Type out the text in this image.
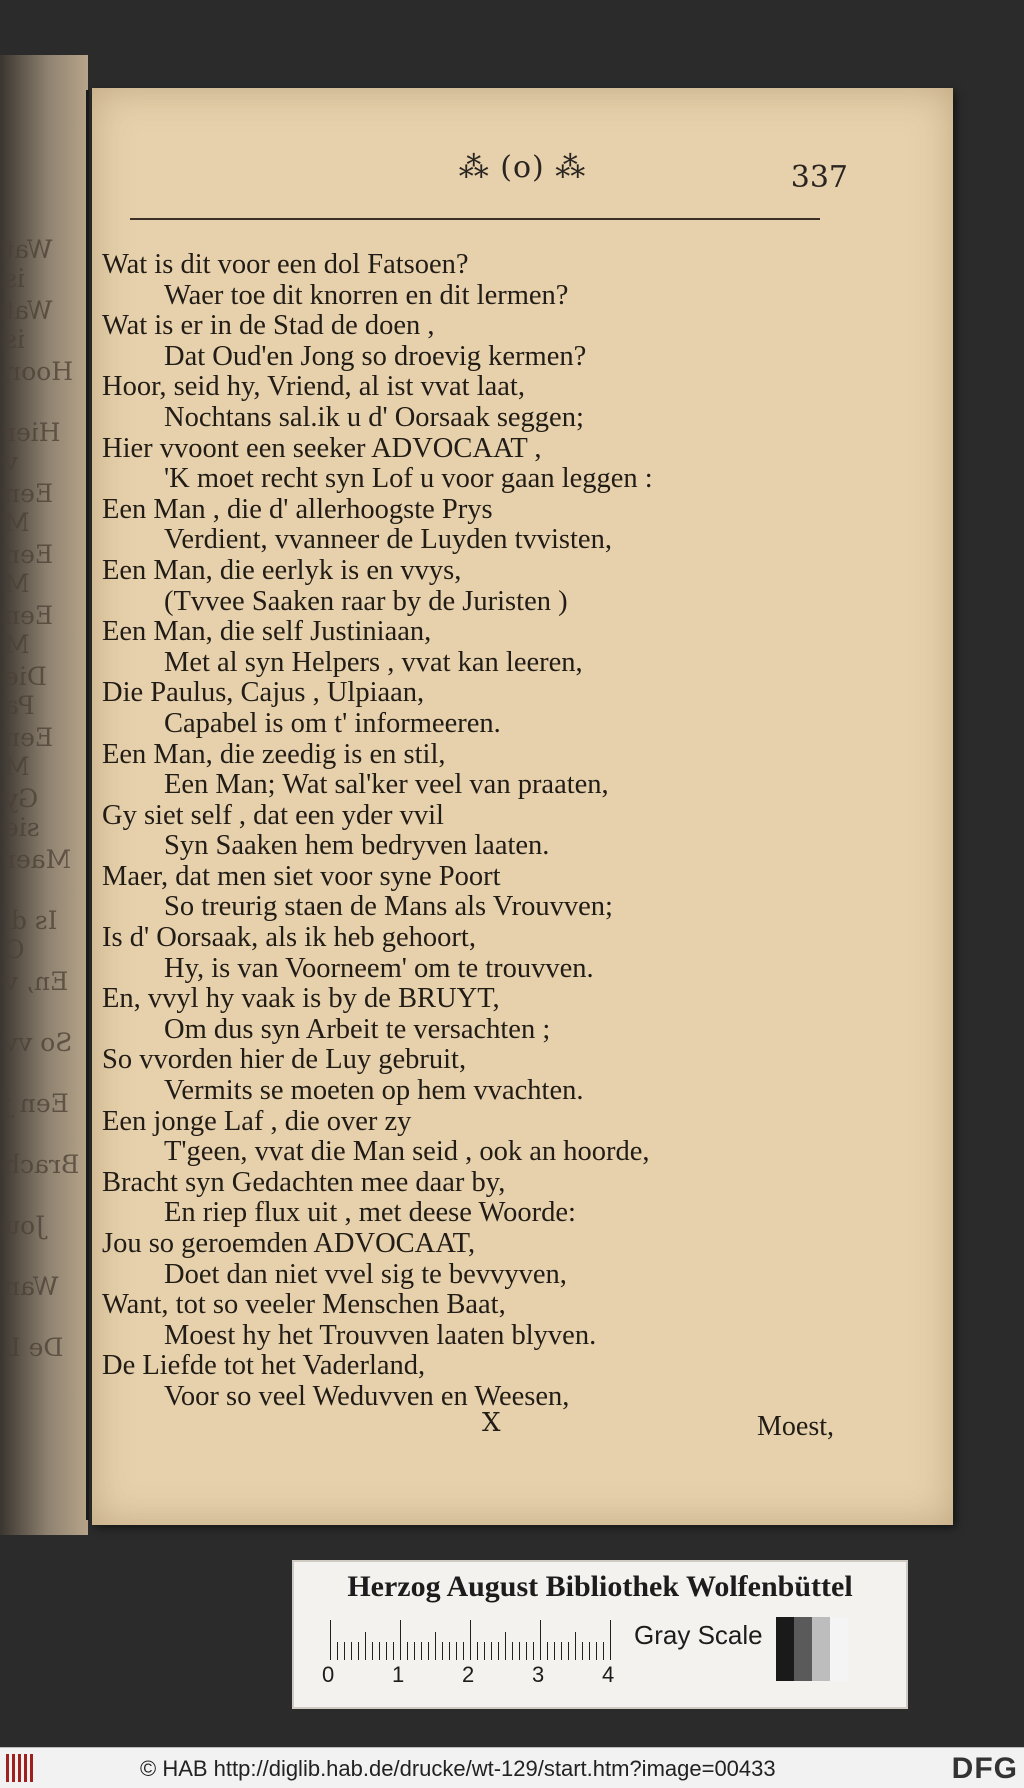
Wat is
Wat is
Hoor,
Hier v
Een M
Een M
Een M
Die Pa
Een M
Gy sie
Maer
Is d' O
En, v
So vv
Een j
Brach
Jou
Wan
De L
⁂ (o) ⁂	337
Wat is dit voor een dol Fatsoen?
Waer toe dit knorren en dit lermen?
Wat is er in de Stad de doen ,
Dat Oud'en Jong so droevig kermen?
Hoor, seid hy, Vriend, al ist vvat laat,
Nochtans sal.ik u d' Oorsaak seggen;
Hier vvoont een seeker ADVOCAAT ,
'K moet recht syn Lof u voor gaan leggen :
Een Man , die d' allerhoogste Prys
Verdient, vvanneer de Luyden tvvisten,
Een Man, die eerlyk is en vvys,
(Tvvee Saaken raar by de Juristen )
Een Man, die self Justiniaan,
Met al syn Helpers , vvat kan leeren,
Die Paulus, Cajus , Ulpiaan,
Capabel is om t' informeeren.
Een Man, die zeedig is en stil,
Een Man; Wat sal'ker veel van praaten,
Gy siet self , dat een yder vvil
Syn Saaken hem bedryven laaten.
Maer, dat men siet voor syne Poort
So treurig staen de Mans als Vrouvven;
Is d' Oorsaak, als ik heb gehoort,
Hy, is van Voorneem' om te trouvven.
En, vvyl hy vaak is by de BRUYT,
Om dus syn Arbeit te versachten ;
So vvorden hier de Luy gebruit,
Vermits se moeten op hem vvachten.
Een jonge Laf , die over zy
T'geen, vvat die Man seid , ook an hoorde,
Bracht syn Gedachten mee daar by,
En riep flux uit , met deese Woorde:
Jou so geroemden ADVOCAAT,
Doet dan niet vvel sig te bevvyven,
Want, tot so veeler Menschen Baat,
Moest hy het Trouvven laaten blyven.
De Liefde tot het Vaderland,
Voor so veel Weduvven en Weesen,
X	Moest,
Herzog August Bibliothek Wolfenbüttel
0	1	2	3	4
Gray Scale
© HAB http://diglib.hab.de/drucke/wt-129/start.htm?image=00433	DFG
